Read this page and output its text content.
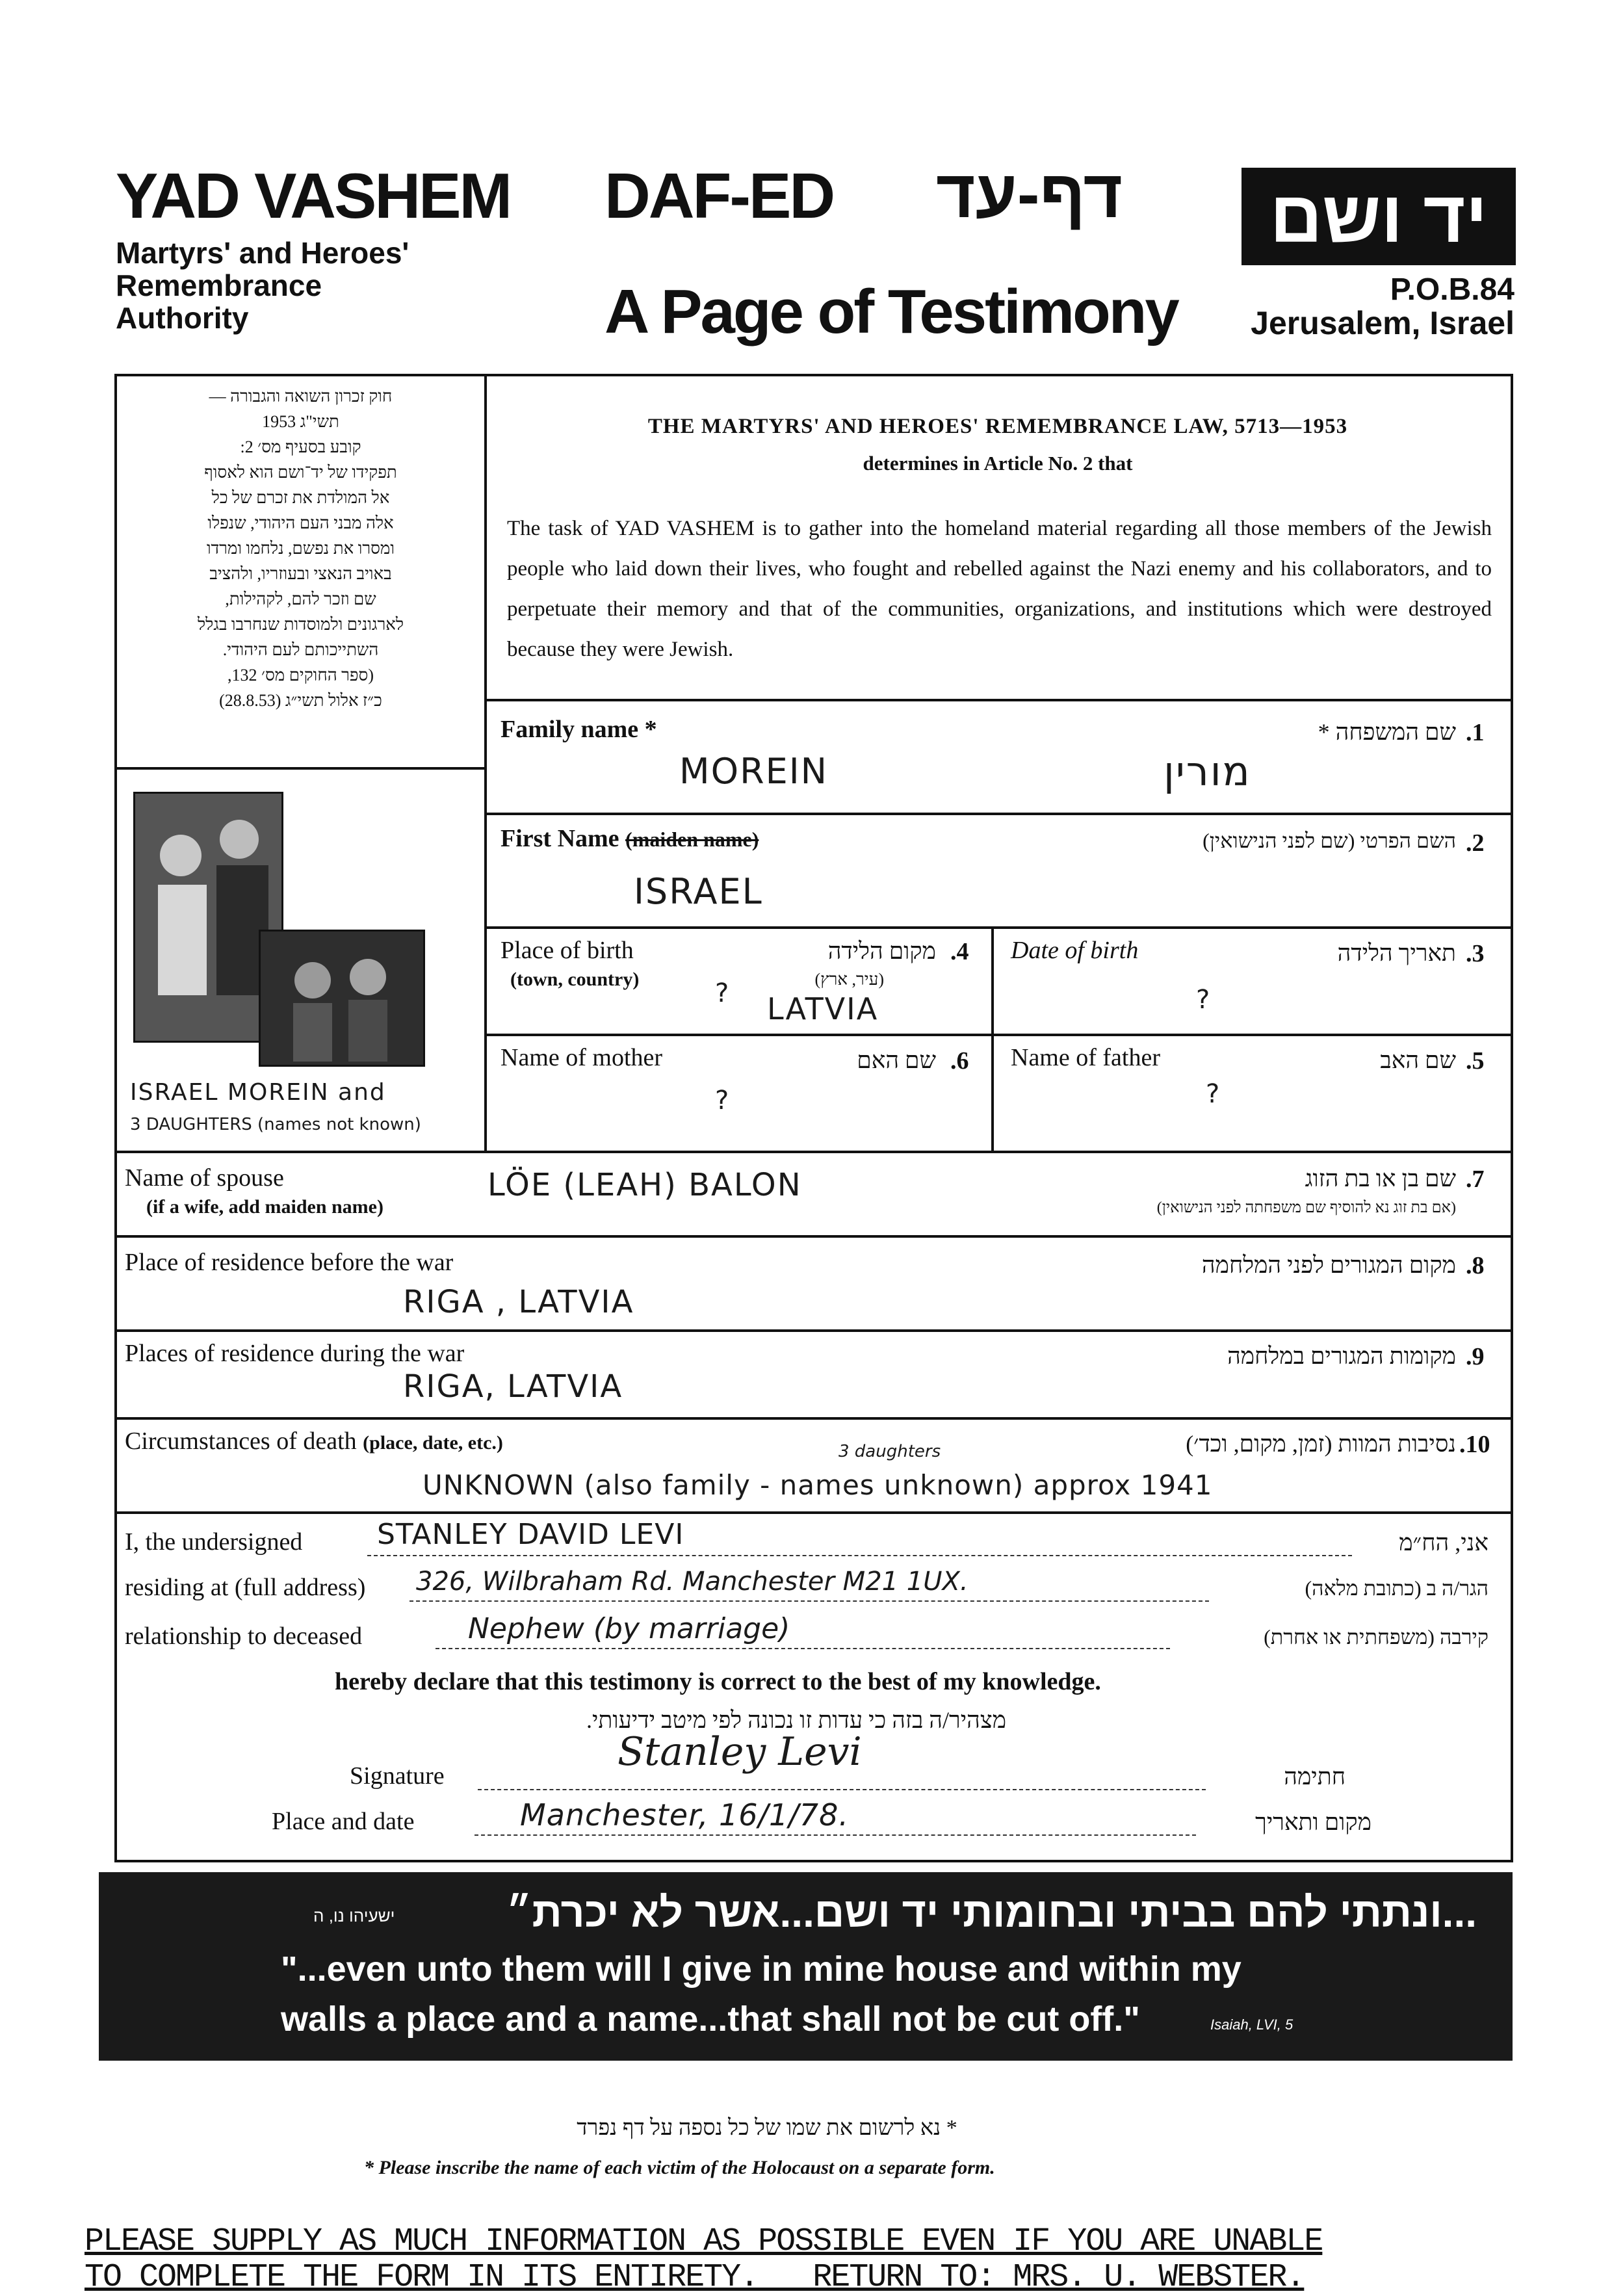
YAD VASHEM
Martyrs' and Heroes'
Remembrance
Authority
DAF-ED דף-עד
A Page of Testimony
יד ושם
P.O.B.84
Jerusalem, Israel
חוק זכרון השואה והגבורה —
תשי"ג 1953
קובע בסעיף מס׳ 2:
תפקידו של יד־ושם הוא לאסוף
אל המולדת את זכרם של כל
אלה מבני העם היהודי, שנפלו
ומסרו את נפשם, נלחמו ומרדו
באויב הנאצי ובעוזריו, ולהציב
שם וזכר להם, לקהילות,
לארגונים ולמוסדות שנחרבו בגלל
השתייכותם לעם היהודי.
(ספר החוקים מס׳ 132,
כ״ז אלול תשי״ג (28.8.53)
THE MARTYRS' AND HEROES' REMEMBRANCE LAW, 5713—1953
determines in Article No. 2 that
The task of YAD VASHEM is to gather into the homeland material regarding all those members of the Jewish people who laid down their lives, who fought and rebelled against the Nazi enemy and his collaborators, and to perpetuate their memory and that of the communities, organizations, and institutions which were destroyed because they were Jewish.
ISRAEL MOREIN and
3 DAUGHTERS (names not known)
Family name *	שם המשפחה * .1
MOREIN	מורין
First Name (maiden name)	השם הפרטי (שם לפני הנישואין) .2
ISRAEL
Place of birth
(town, country)
מקום הלידה
(עיר, ארץ)
.4
? LATVIA
Date of birth	תאריך הלידה .3
?
Name of mother	שם האם .6
?
Name of father	שם האב .5
?
Name of spouse
(if a wife, add maiden name)
LÖE (LEAH) BALON	שם בן או בת הזוג
(אם בת זוג נא להוסיף שם משפחתה לפני הנישואין)
.7
Place of residence before the war	מקום המגורים לפני המלחמה .8
RIGA , LATVIA
Places of residence during the war	מקומות המגורים במלחמה .9
RIGA, LATVIA
Circumstances of death (place, date, etc.)	נסיבות המוות (זמן, מקום, וכד׳) .10
3 daughters
UNKNOWN (also family - names unknown) approx 1941
I, the undersigned	STANLEY DAVID LEVI	אני, הח״מ
residing at (full address) 326, Wilbraham Rd. Manchester M21 1UX.	הגר/ה ב (כתובת מלאה)
relationship to deceased	Nephew (by marriage)	קירבה (משפחתית או אחרת)
hereby declare that this testimony is correct to the best of my knowledge.
מצהיר/ה בזה כי עדות זו נכונה לפי מיטב ידיעותי.
Signature
Stanley Levi
חתימה
Place and date	Manchester, 16/1/78.	מקום ותאריך
...ונתתי להם בביתי ובחומותי יד ושם...אשר לא יכרת״
ישעיהו נו, ה
"...even unto them will I give in mine house and within my
walls a place and a name...that shall not be cut off."	Isaiah, LVI, 5
* נא לרשום את שמו של כל נספה על דף נפרד
* Please inscribe the name of each victim of the Holocaust on a separate form.
PLEASE SUPPLY AS MUCH INFORMATION AS POSSIBLE EVEN IF YOU ARE UNABLE
TO COMPLETE THE FORM IN ITS ENTIRETY.   RETURN TO: MRS. U. WEBSTER.
